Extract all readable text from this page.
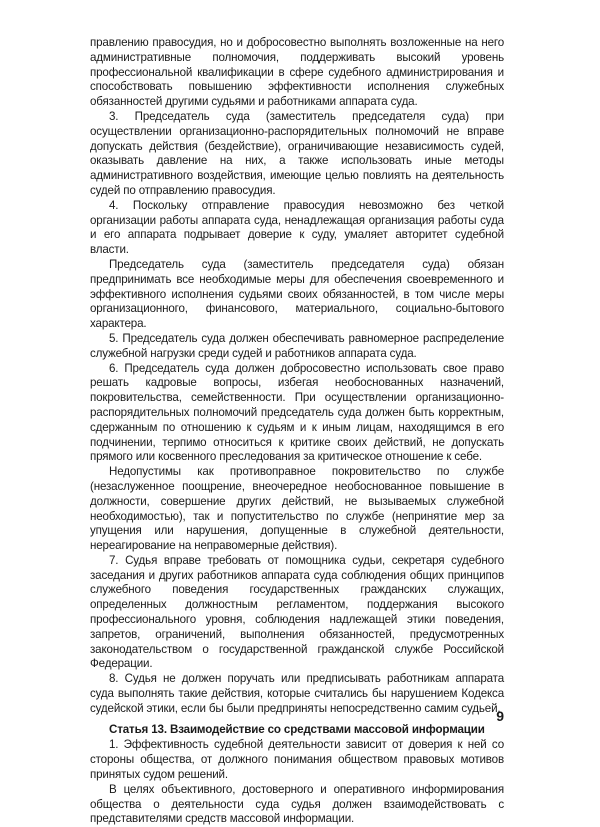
правлению правосудия, но и добросовестно выполнять возложенные на него административные полномочия, поддерживать высокий уровень профессиональной квалификации в сфере судебного администрирования и способствовать повышению эффективности исполнения служебных обязанностей другими судьями и работниками аппарата суда.

3. Председатель суда (заместитель председателя суда) при осуществлении организационно-распорядительных полномочий не вправе допускать действия (бездействие), ограничивающие независимость судей, оказывать давление на них, а также использовать иные методы административного воздействия, имеющие целью повлиять на деятельность судей по отправлению правосудия.

4. Поскольку отправление правосудия невозможно без четкой организации работы аппарата суда, ненадлежащая организация работы суда и его аппарата подрывает доверие к суду, умаляет авторитет судебной власти.

Председатель суда (заместитель председателя суда) обязан предпринимать все необходимые меры для обеспечения своевременного и эффективного исполнения судьями своих обязанностей, в том числе меры организационного, финансового, материального, социально-бытового характера.

5. Председатель суда должен обеспечивать равномерное распределение служебной нагрузки среди судей и работников аппарата суда.

6. Председатель суда должен добросовестно использовать свое право решать кадровые вопросы, избегая необоснованных назначений, покровительства, семейственности. При осуществлении организационно-распорядительных полномочий председатель суда должен быть корректным, сдержанным по отношению к судьям и к иным лицам, находящимся в его подчинении, терпимо относиться к критике своих действий, не допускать прямого или косвенного преследования за критическое отношение к себе.

Недопустимы как противоправное покровительство по службе (незаслуженное поощрение, внеочередное необоснованное повышение в должности, совершение других действий, не вызываемых служебной необходимостью), так и попустительство по службе (непринятие мер за упущения или нарушения, допущенные в служебной деятельности, нереагирование на неправомерные действия).

7. Судья вправе требовать от помощника судьи, секретаря судебного заседания и других работников аппарата суда соблюдения общих принципов служебного поведения государственных гражданских служащих, определенных должностным регламентом, поддержания высокого профессионального уровня, соблюдения надлежащей этики поведения, запретов, ограничений, выполнения обязанностей, предусмотренных законодательством о государственной гражданской службе Российской Федерации.

8. Судья не должен поручать или предписывать работникам аппарата суда выполнять такие действия, которые считались бы нарушением Кодекса судейской этики, если бы были предприняты непосредственно самим судьей.

Статья 13. Взаимодействие со средствами массовой информации

1. Эффективность судебной деятельности зависит от доверия к ней со стороны общества, от должного понимания обществом правовых мотивов принятых судом решений.

В целях объективного, достоверного и оперативного информирования общества о деятельности суда судья должен взаимодействовать с представителями средств массовой информации.

9
